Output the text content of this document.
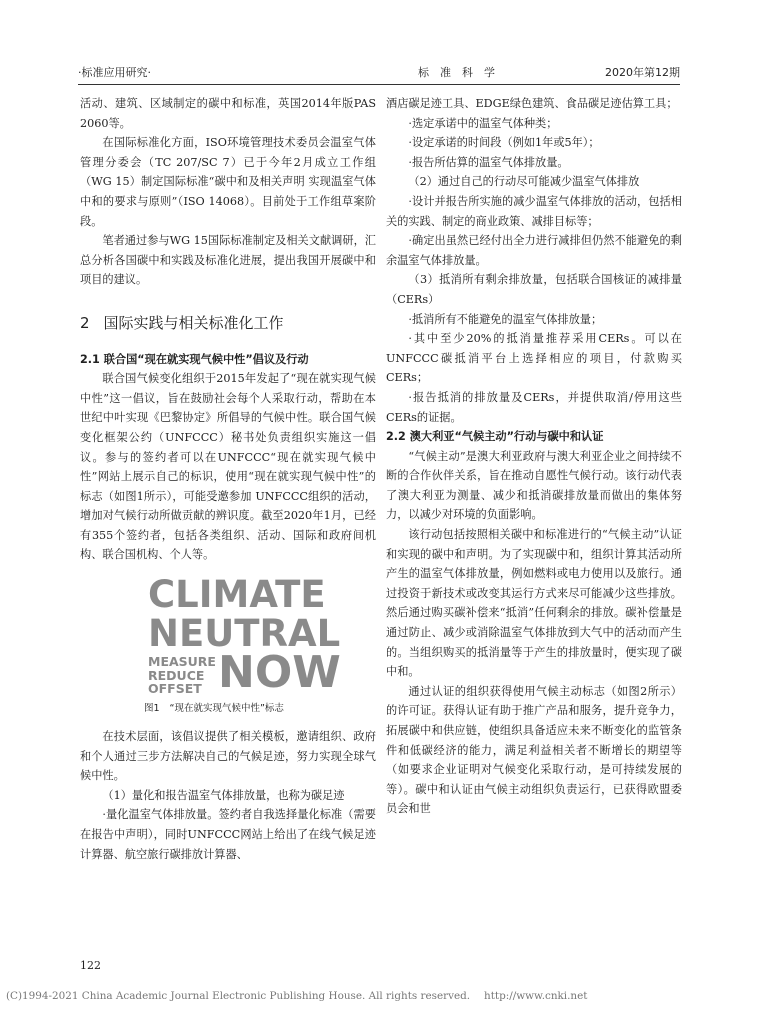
·标准应用研究·	标准科学	2020年第12期

活动、建筑、区域制定的碳中和标准，英国2014年版PAS 2060等。

在国际标准化方面，ISO环境管理技术委员会温室气体管理分委会（TC 207/SC 7）已于今年2月成立工作组（WG 15）制定国际标准“碳中和及相关声明 实现温室气体中和的要求与原则”（ISO 14068）。目前处于工作组草案阶段。

笔者通过参与WG 15国际标准制定及相关文献调研，汇总分析各国碳中和实践及标准化进展，提出我国开展碳中和项目的建议。

2 国际实践与相关标准化工作

2.1 联合国“现在就实现气候中性”倡议及行动

联合国气候变化组织于2015年发起了“现在就实现气候中性”这一倡议，旨在鼓励社会每个人采取行动，帮助在本世纪中叶实现《巴黎协定》所倡导的气候中性。联合国气候变化框架公约（UNFCCC）秘书处负责组织实施这一倡议。参与的签约者可以在UNFCCC“现在就实现气候中性”网站上展示自己的标识，使用“现在就实现气候中性”的标志（如图1所示），可能受邀参加 UNFCCC组织的活动，增加对气候行动所做贡献的辨识度。截至2020年1月，已经有355个签约者，包括各类组织、活动、国际和政府间机构、联合国机构、个人等。

CLIMATE
NEUTRAL
MEASURE
REDUCE
OFFSET NOW
图1 “现在就实现气候中性”标志

在技术层面，该倡议提供了相关模板，邀请组织、政府和个人通过三步方法解决自己的气候足迹，努力实现全球气候中性。

（1）量化和报告温室气体排放量，也称为碳足迹

·量化温室气体排放量。签约者自我选择量化标准（需要在报告中声明），同时UNFCCC网站上给出了在线气候足迹计算器、航空旅行碳排放计算器、

酒店碳足迹工具、EDGE绿色建筑、食品碳足迹估算工具；

·选定承诺中的温室气体种类；

·设定承诺的时间段（例如1年或5年）；

·报告所估算的温室气体排放量。

（2）通过自己的行动尽可能减少温室气体排放

·设计并报告所实施的减少温室气体排放的活动，包括相关的实践、制定的商业政策、减排目标等；

·确定出虽然已经付出全力进行减排但仍然不能避免的剩余温室气体排放量。

（3）抵消所有剩余排放量，包括联合国核证的减排量（CERs）

·抵消所有不能避免的温室气体排放量；

·其中至少20%的抵消量推荐采用CERs。可以在UNFCCC碳抵消平台上选择相应的项目，付款购买CERs；

·报告抵消的排放量及CERs，并提供取消/停用这些CERs的证据。

2.2 澳大利亚“气候主动”行动与碳中和认证

“气候主动”是澳大利亚政府与澳大利亚企业之间持续不断的合作伙伴关系，旨在推动自愿性气候行动。该行动代表了澳大利亚为测量、减少和抵消碳排放量而做出的集体努力，以减少对环境的负面影响。

该行动包括按照相关碳中和标准进行的“气候主动”认证和实现的碳中和声明。为了实现碳中和，组织计算其活动所产生的温室气体排放量，例如燃料或电力使用以及旅行。通过投资于新技术或改变其运行方式来尽可能减少这些排放。然后通过购买碳补偿来“抵消”任何剩余的排放。碳补偿量是通过防止、减少或消除温室气体排放到大气中的活动而产生的。当组织购买的抵消量等于产生的排放量时，便实现了碳中和。

通过认证的组织获得使用气候主动标志（如图2所示）的许可证。获得认证有助于推广产品和服务，提升竞争力，拓展碳中和供应链，使组织具备适应未来不断变化的监管条件和低碳经济的能力，满足利益相关者不断增长的期望等（如要求企业证明对气候变化采取行动，是可持续发展的等）。碳中和认证由气候主动组织负责运行，已获得欧盟委员会和世

122
(C)1994-2021 China Academic Journal Electronic Publishing House. All rights reserved. http://www.cnki.net
